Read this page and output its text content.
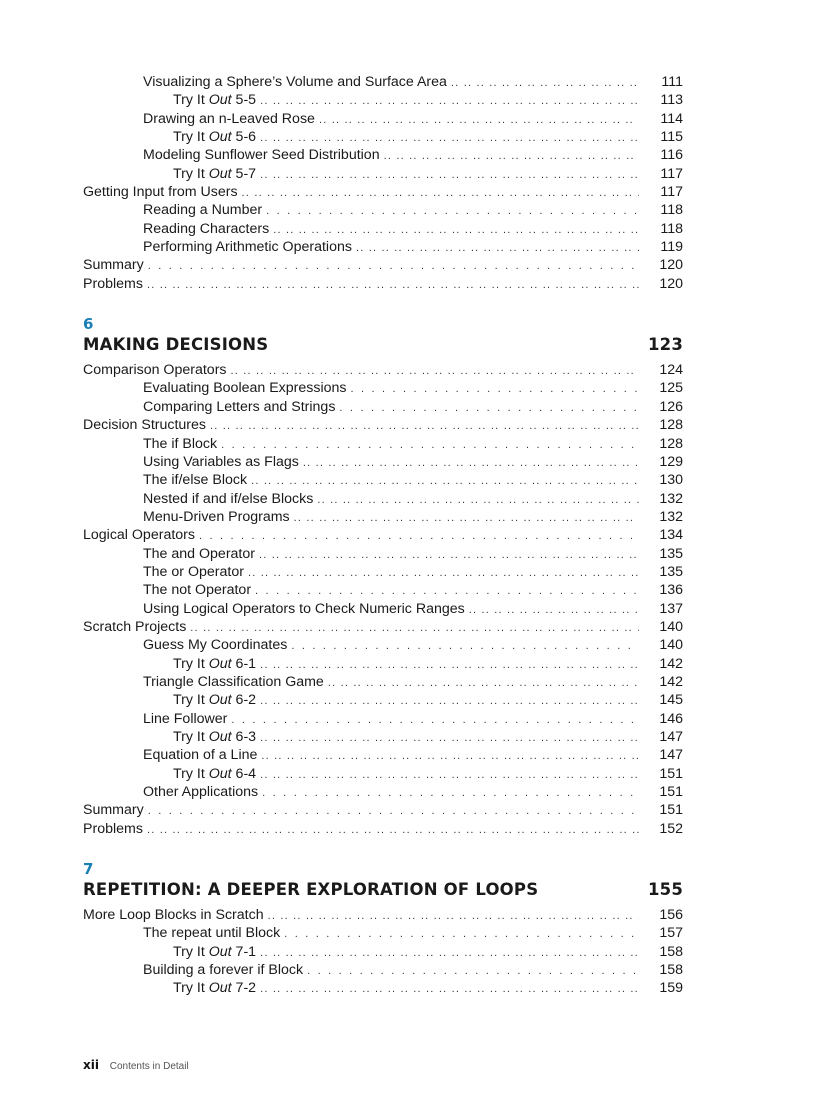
Visualizing a Sphere’s Volume and Surface Area .. ..	111
Try It Out 5-5 .. ..	113
Drawing an n-Leaved Rose .. ..	114
Try It Out 5-6 .. ..	115
Modeling Sunflower Seed Distribution .. ..	116
Try It Out 5-7 .. ..	117
Getting Input from Users .. ..	117
Reading a Number . . .	118
Reading Characters .. ..	118
Performing Arithmetic Operations .. ..	119
Summary . . .	120
Problems .. ..	120
6
MAKING DECISIONS	123
Comparison Operators .. ..	124
Evaluating Boolean Expressions . . .	125
Comparing Letters and Strings . . .	126
Decision Structures .. ..	128
The if Block . . .	128
Using Variables as Flags .. ..	129
The if/else Block .. ..	130
Nested if and if/else Blocks .. ..	132
Menu-Driven Programs .. ..	132
Logical Operators . . .	134
The and Operator .. ..	135
The or Operator .. ..	135
The not Operator . . .	136
Using Logical Operators to Check Numeric Ranges .. ..	137
Scratch Projects .. ..	140
Guess My Coordinates . . .	140
Try It Out 6-1 .. ..	142
Triangle Classification Game .. ..	142
Try It Out 6-2 .. ..	145
Line Follower . . .	146
Try It Out 6-3 .. ..	147
Equation of a Line .. ..	147
Try It Out 6-4 .. ..	151
Other Applications . . .	151
Summary . . .	151
Problems .. ..	152
7
REPETITION: A DEEPER EXPLORATION OF LOOPS	155
More Loop Blocks in Scratch .. ..	156
The repeat until Block . . .	157
Try It Out 7-1 .. ..	158
Building a forever if Block . . .	158
Try It Out 7-2 .. ..	159
xii Contents in Detail
